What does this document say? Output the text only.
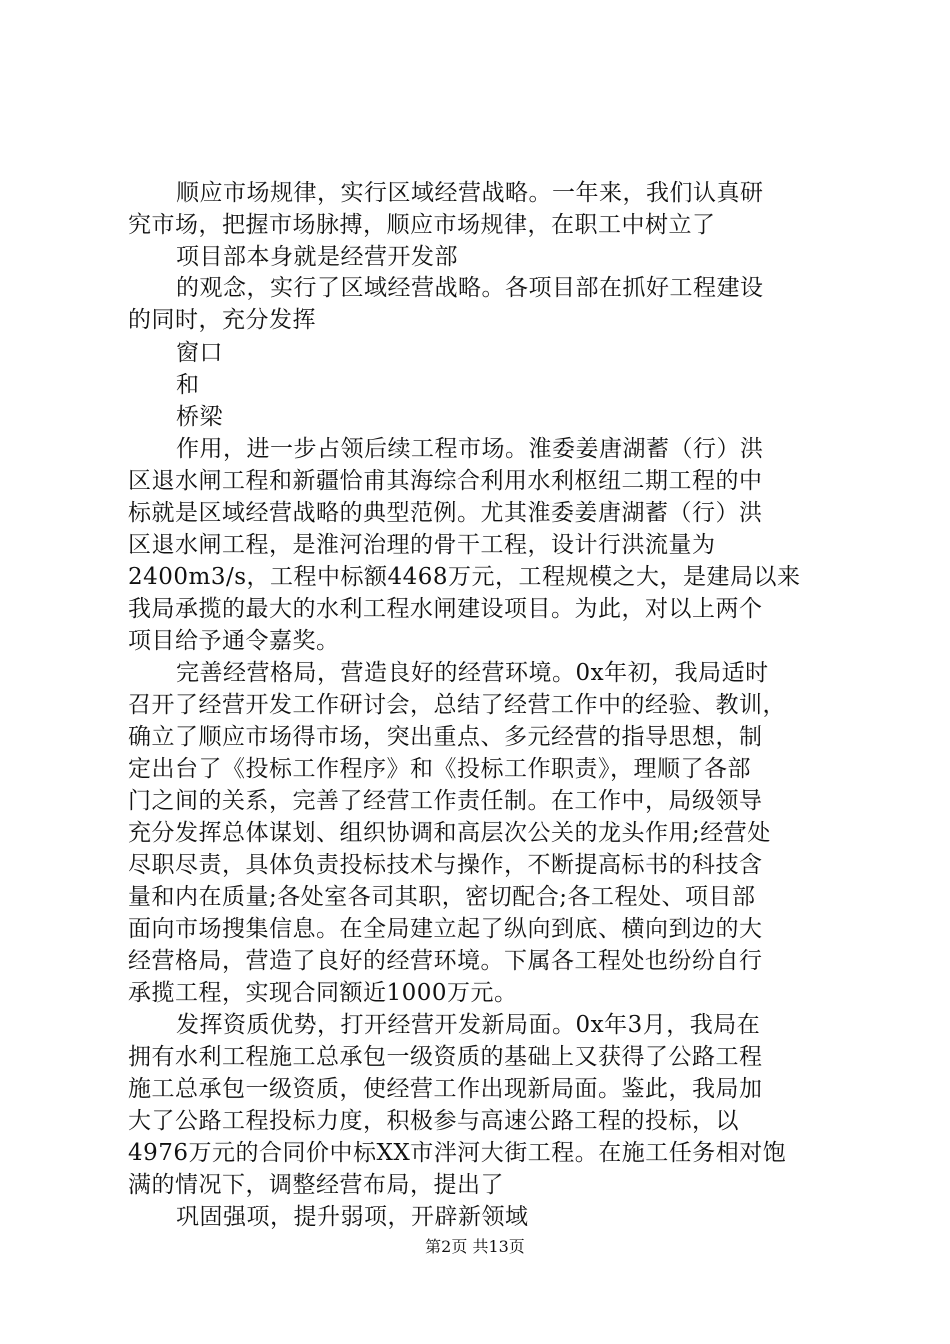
顺应市场规律，实行区域经营战略。一年来，我们认真研
究市场，把握市场脉搏，顺应市场规律，在职工中树立了
项目部本身就是经营开发部
的观念，实行了区域经营战略。各项目部在抓好工程建设
的同时，充分发挥
窗口
和
桥梁
作用，进一步占领后续工程市场。淮委姜唐湖蓄（行）洪
区退水闸工程和新疆恰甫其海综合利用水利枢纽二期工程的中
标就是区域经营战略的典型范例。尤其淮委姜唐湖蓄（行）洪
区退水闸工程，是淮河治理的骨干工程，设计行洪流量为
2400m3/s，工程中标额4468万元，工程规模之大，是建局以来
我局承揽的最大的水利工程水闸建设项目。为此，对以上两个
项目给予通令嘉奖。
完善经营格局，营造良好的经营环境。0x年初，我局适时
召开了经营开发工作研讨会，总结了经营工作中的经验、教训，
确立了顺应市场得市场，突出重点、多元经营的指导思想，制
定出台了《投标工作程序》和《投标工作职责》，理顺了各部
门之间的关系，完善了经营工作责任制。在工作中，局级领导
充分发挥总体谋划、组织协调和高层次公关的龙头作用;经营处
尽职尽责，具体负责投标技术与操作，不断提高标书的科技含
量和内在质量;各处室各司其职，密切配合;各工程处、项目部
面向市场搜集信息。在全局建立起了纵向到底、横向到边的大
经营格局，营造了良好的经营环境。下属各工程处也纷纷自行
承揽工程，实现合同额近1000万元。
发挥资质优势，打开经营开发新局面。0x年3月，我局在
拥有水利工程施工总承包一级资质的基础上又获得了公路工程
施工总承包一级资质，使经营工作出现新局面。鉴此，我局加
大了公路工程投标力度，积极参与高速公路工程的投标，以
4976万元的合同价中标XX市泮河大街工程。在施工任务相对饱
满的情况下，调整经营布局，提出了
巩固强项，提升弱项，开辟新领域
第2页 共13页
